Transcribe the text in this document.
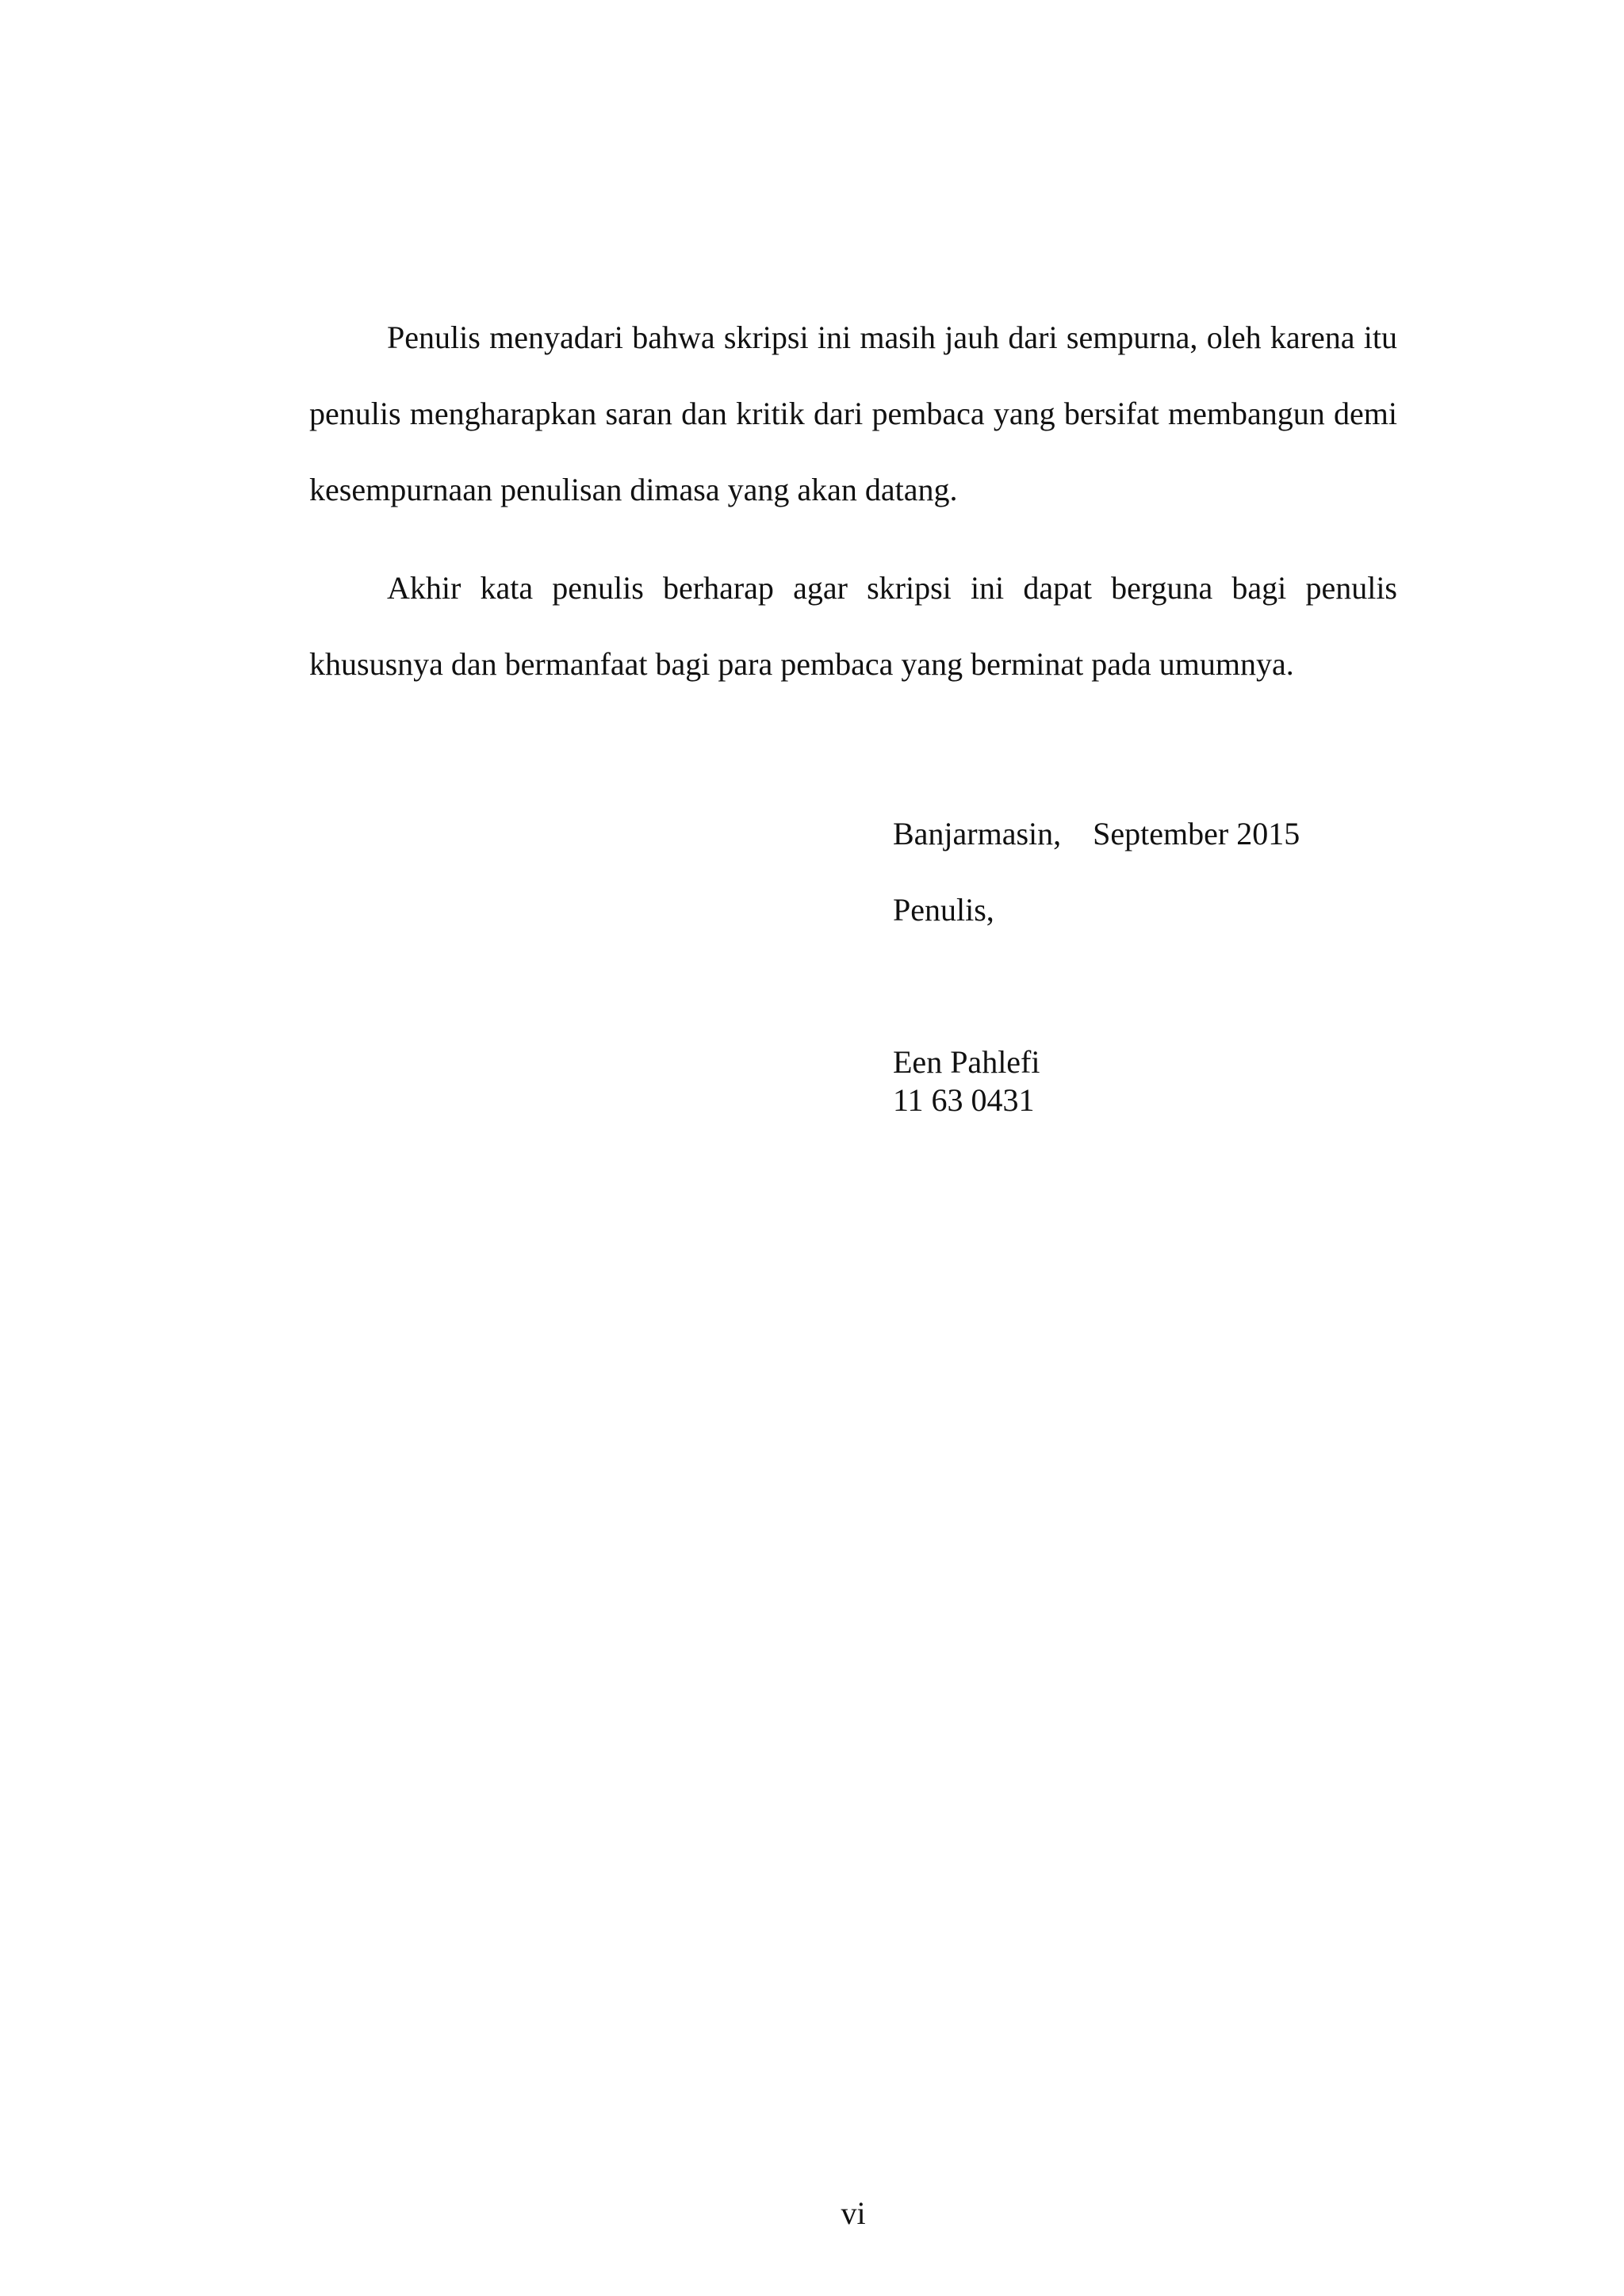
Penulis menyadari bahwa skripsi ini masih jauh dari sempurna, oleh karena itu penulis mengharapkan saran dan kritik dari pembaca yang bersifat membangun demi kesempurnaan penulisan dimasa yang akan datang.

Akhir kata penulis berharap agar skripsi ini dapat berguna bagi penulis khususnya dan bermanfaat bagi para pembaca yang berminat pada umumnya.

Banjarmasin,    September 2015
Penulis,
Een Pahlefi
11 63 0431
vi
